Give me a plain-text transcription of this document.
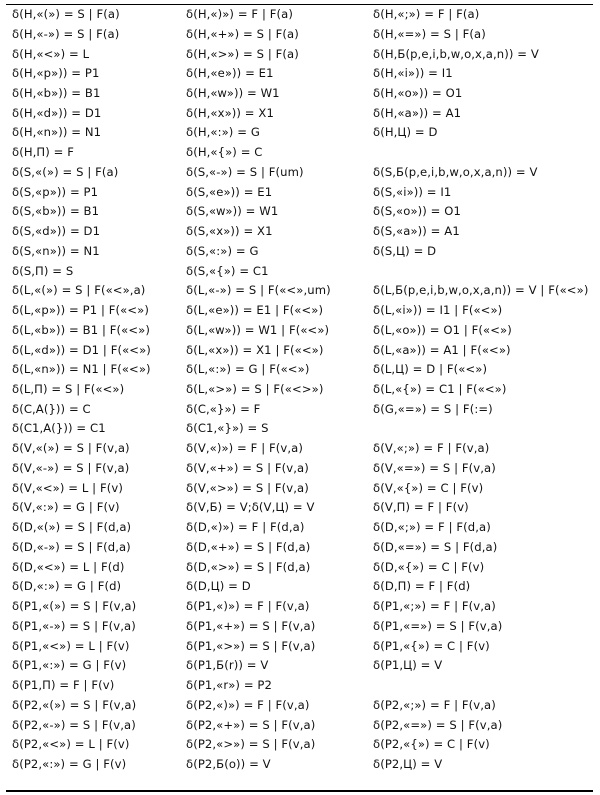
δ(H,«(») = S | F(a)	δ(H,«)») = F | F(a)	δ(H,«;») = F | F(a)
δ(H,«-») = S | F(a)	δ(H,«+») = S | F(a)	δ(H,«=») = S | F(a)
δ(H,«<») = L	δ(H,«>») = S | F(a)	δ(H,Б(p,e,i,b,w,o,x,a,n)) = V
δ(H,«p»)) = P1	δ(H,«e»)) = E1	δ(H,«i»)) = I1
δ(H,«b»)) = B1	δ(H,«w»)) = W1	δ(H,«o»)) = O1
δ(H,«d»)) = D1	δ(H,«x»)) = X1	δ(H,«a»)) = A1
δ(H,«n»)) = N1	δ(H,«:») = G	δ(H,Ц) = D
δ(H,П) = F	δ(H,«{») = C	
δ(S,«(») = S | F(a)	δ(S,«-») = S | F(um)	δ(S,Б(p,e,i,b,w,o,x,a,n)) = V
δ(S,«p»)) = P1	δ(S,«e»)) = E1	δ(S,«i»)) = I1
δ(S,«b»)) = B1	δ(S,«w»)) = W1	δ(S,«o»)) = O1
δ(S,«d»)) = D1	δ(S,«x»)) = X1	δ(S,«a»)) = A1
δ(S,«n»)) = N1	δ(S,«:») = G	δ(S,Ц) = D
δ(S,П) = S	δ(S,«{») = C1	
δ(L,«(») = S | F(«<»,a)	δ(L,«-») = S | F(«<»,um)	δ(L,Б(p,e,i,b,w,o,x,a,n)) = V | F(«<»)
δ(L,«p»)) = P1 | F(«<»)	δ(L,«e»)) = E1 | F(«<»)	δ(L,«i»)) = I1 | F(«<»)
δ(L,«b»)) = B1 | F(«<»)	δ(L,«w»)) = W1 | F(«<»)	δ(L,«o»)) = O1 | F(«<»)
δ(L,«d»)) = D1 | F(«<»)	δ(L,«x»)) = X1 | F(«<»)	δ(L,«a»)) = A1 | F(«<»)
δ(L,«n»)) = N1 | F(«<»)	δ(L,«:») = G | F(«<»)	δ(L,Ц) = D | F(«<»)
δ(L,П) = S | F(«<»)	δ(L,«>») = S | F(«<>»)	δ(L,«{») = C1 | F(«<»)
δ(C,A(})) = C	δ(C,«}») = F	δ(G,«=») = S | F(:=)
δ(C1,A(})) = C1	δ(C1,«}») = S	
δ(V,«(») = S | F(v,a)	δ(V,«)») = F | F(v,a)	δ(V,«;») = F | F(v,a)
δ(V,«-») = S | F(v,a)	δ(V,«+») = S | F(v,a)	δ(V,«=») = S | F(v,a)
δ(V,«<») = L | F(v)	δ(V,«>») = S | F(v,a)	δ(V,«{») = C | F(v)
δ(V,«:») = G | F(v)	δ(V,Б) = V;δ(V,Ц) = V	δ(V,П) = F | F(v)
δ(D,«(») = S | F(d,a)	δ(D,«)») = F | F(d,a)	δ(D,«;») = F | F(d,a)
δ(D,«-») = S | F(d,a)	δ(D,«+») = S | F(d,a)	δ(D,«=») = S | F(d,a)
δ(D,«<») = L | F(d)	δ(D,«>») = S | F(d,a)	δ(D,«{») = C | F(v)
δ(D,«:») = G | F(d)	δ(D,Ц) = D	δ(D,П) = F | F(d)
δ(P1,«(») = S | F(v,a)	δ(P1,«)») = F | F(v,a)	δ(P1,«;») = F | F(v,a)
δ(P1,«-») = S | F(v,a)	δ(P1,«+») = S | F(v,a)	δ(P1,«=») = S | F(v,a)
δ(P1,«<») = L | F(v)	δ(P1,«>») = S | F(v,a)	δ(P1,«{») = C | F(v)
δ(P1,«:») = G | F(v)	δ(P1,Б(r)) = V	δ(P1,Ц) = V
δ(P1,П) = F | F(v)	δ(P1,«r») = P2	
δ(P2,«(») = S | F(v,a)	δ(P2,«)») = F | F(v,a)	δ(P2,«;») = F | F(v,a)
δ(P2,«-») = S | F(v,a)	δ(P2,«+») = S | F(v,a)	δ(P2,«=») = S | F(v,a)
δ(P2,«<») = L | F(v)	δ(P2,«>») = S | F(v,a)	δ(P2,«{») = C | F(v)
δ(P2,«:») = G | F(v)	δ(P2,Б(o)) = V	δ(P2,Ц) = V
